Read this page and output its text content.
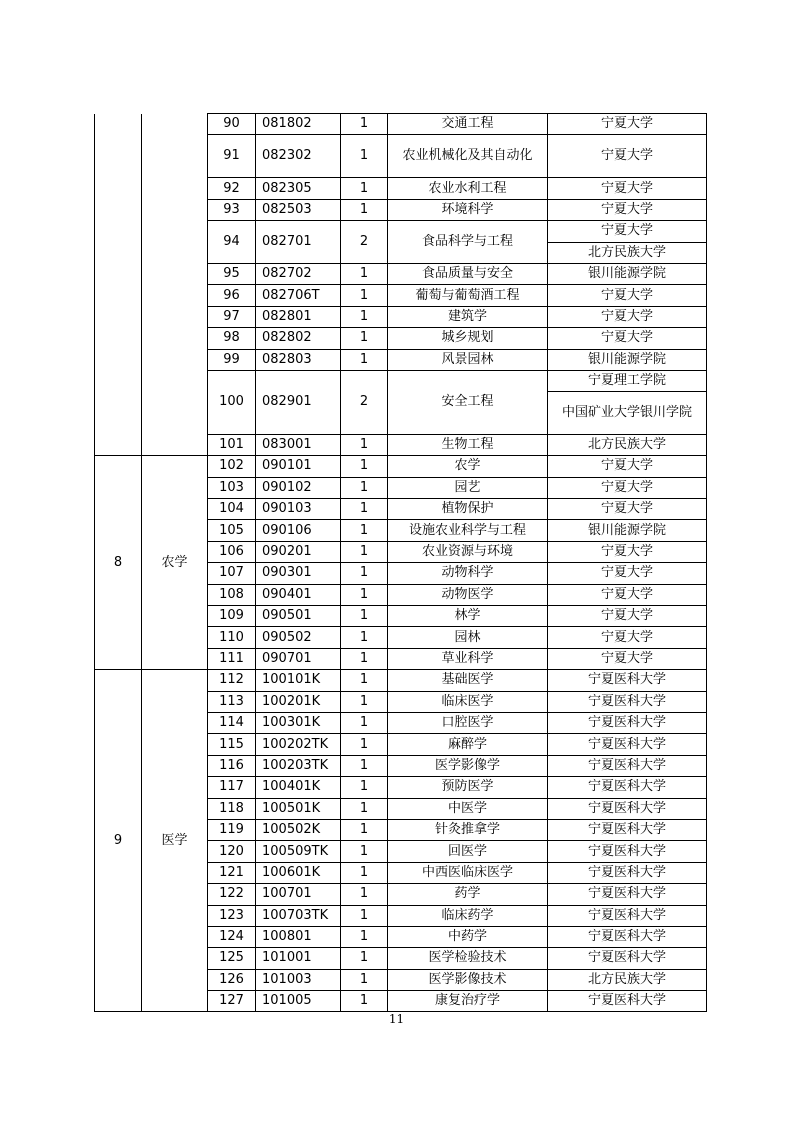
		90	081802	1	交通工程	宁夏大学
		91	082302	1	农业机械化及其自动化	宁夏大学
		92	082305	1	农业水利工程	宁夏大学
		93	082503	1	环境科学	宁夏大学
		94	082701	2	食品科学与工程	宁夏大学
						北方民族大学
		95	082702	1	食品质量与安全	银川能源学院
		96	082706T	1	葡萄与葡萄酒工程	宁夏大学
		97	082801	1	建筑学	宁夏大学
		98	082802	1	城乡规划	宁夏大学
		99	082803	1	风景园林	银川能源学院
		100	082901	2	安全工程	宁夏理工学院
						中国矿业大学银川学院
		101	083001	1	生物工程	北方民族大学
8	农学	102	090101	1	农学	宁夏大学
		103	090102	1	园艺	宁夏大学
		104	090103	1	植物保护	宁夏大学
		105	090106	1	设施农业科学与工程	银川能源学院
		106	090201	1	农业资源与环境	宁夏大学
		107	090301	1	动物科学	宁夏大学
		108	090401	1	动物医学	宁夏大学
		109	090501	1	林学	宁夏大学
		110	090502	1	园林	宁夏大学
		111	090701	1	草业科学	宁夏大学
9	医学	112	100101K	1	基础医学	宁夏医科大学
		113	100201K	1	临床医学	宁夏医科大学
		114	100301K	1	口腔医学	宁夏医科大学
		115	100202TK	1	麻醉学	宁夏医科大学
		116	100203TK	1	医学影像学	宁夏医科大学
		117	100401K	1	预防医学	宁夏医科大学
		118	100501K	1	中医学	宁夏医科大学
		119	100502K	1	针灸推拿学	宁夏医科大学
		120	100509TK	1	回医学	宁夏医科大学
		121	100601K	1	中西医临床医学	宁夏医科大学
		122	100701	1	药学	宁夏医科大学
		123	100703TK	1	临床药学	宁夏医科大学
		124	100801	1	中药学	宁夏医科大学
		125	101001	1	医学检验技术	宁夏医科大学
		126	101003	1	医学影像技术	北方民族大学
		127	101005	1	康复治疗学	宁夏医科大学
11
